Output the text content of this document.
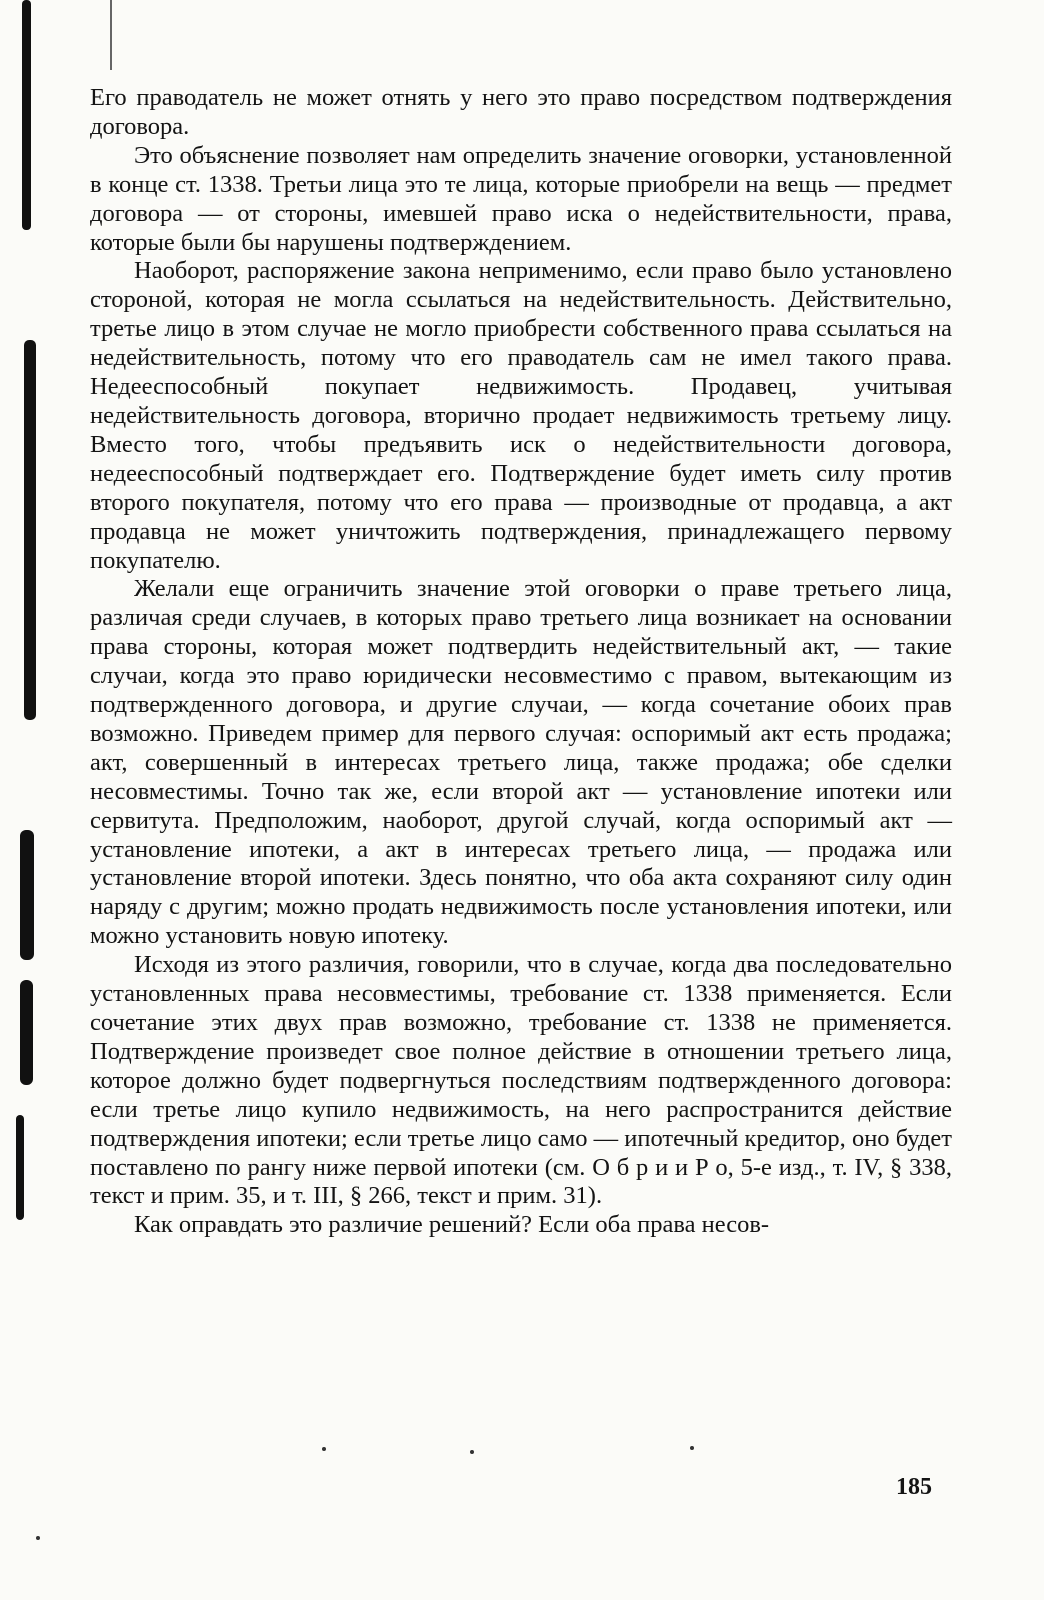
Его праводатель не может отнять у него это право посредством подтверждения договора.

Это объяснение позволяет нам определить значение оговорки, установленной в конце ст. 1338. Третьи лица это те лица, которые приобрели на вещь — предмет договора — от стороны, имевшей право иска о недействительности, права, которые были бы нарушены подтверждением.

Наоборот, распоряжение закона неприменимо, если право было установлено стороной, которая не могла ссылаться на недействительность. Действительно, третье лицо в этом случае не могло приобрести собственного права ссылаться на недействительность, потому что его праводатель сам не имел такого права. Недееспособный покупает недвижимость. Продавец, учитывая недействительность договора, вторично продает недвижимость третьему лицу. Вместо того, чтобы предъявить иск о недействительности договора, недееспособный подтверждает его. Подтверждение будет иметь силу против второго покупателя, потому что его права — производные от продавца, а акт продавца не может уничтожить подтверждения, принадлежащего первому покупателю.

Желали еще ограничить значение этой оговорки о праве третьего лица, различая среди случаев, в которых право третьего лица возникает на основании права стороны, которая может подтвердить недействительный акт, — такие случаи, когда это право юридически несовместимо с правом, вытекающим из подтвержденного договора, и другие случаи, — когда сочетание обоих прав возможно. Приведем пример для первого случая: оспоримый акт есть продажа; акт, совершенный в интересах третьего лица, также продажа; обе сделки несовместимы. Точно так же, если второй акт — установление ипотеки или сервитута. Предположим, наоборот, другой случай, когда оспоримый акт — установление ипотеки, а акт в интересах третьего лица, — продажа или установление второй ипотеки. Здесь понятно, что оба акта сохраняют силу один наряду с другим; можно продать недвижимость после установления ипотеки, или можно установить новую ипотеку.

Исходя из этого различия, говорили, что в случае, когда два последовательно установленных права несовместимы, требование ст. 1338 применяется. Если сочетание этих двух прав возможно, требование ст. 1338 не применяется. Подтверждение произведет свое полное действие в отношении третьего лица, которое должно будет подвергнуться последствиям подтвержденного договора: если третье лицо купило недвижимость, на него распространится действие подтверждения ипотеки; если третье лицо само — ипотечный кредитор, оно будет поставлено по рангу ниже первой ипотеки (см. О б р и и Р о, 5-е изд., т. IV, § 338, текст и прим. 35, и т. III, § 266, текст и прим. 31).

Как оправдать это различие решений? Если оба права несов-

185
